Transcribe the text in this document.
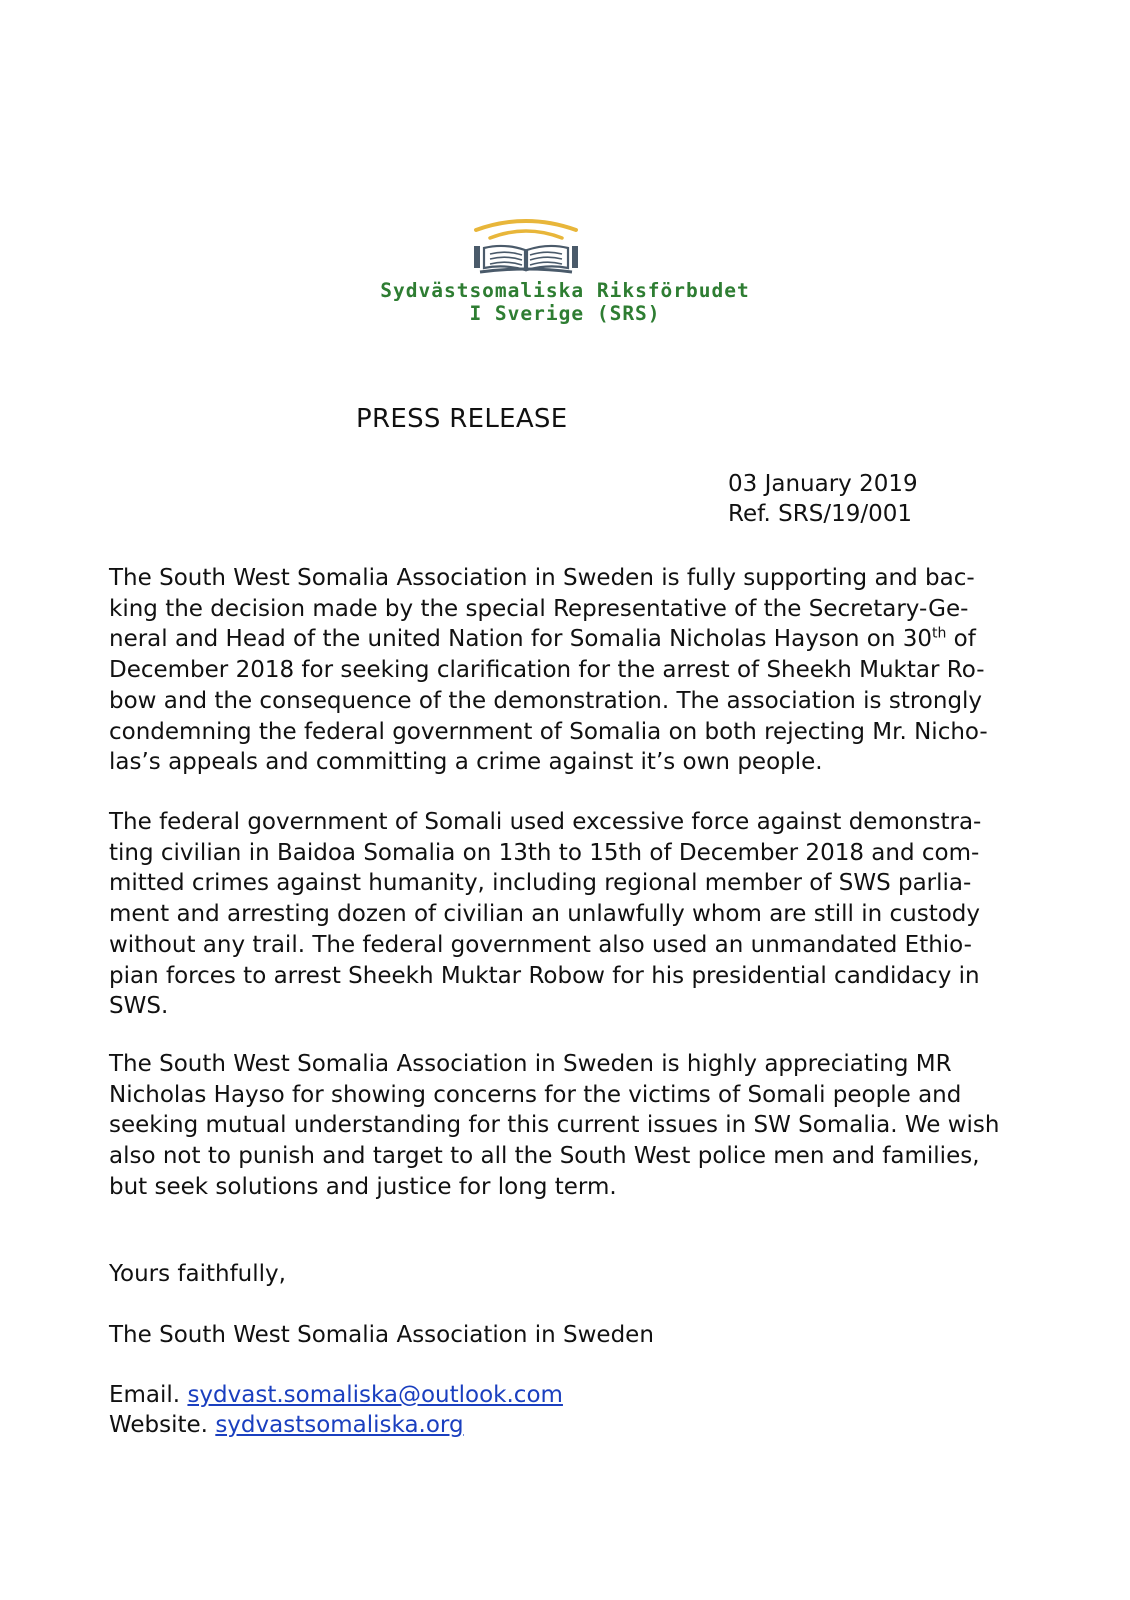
Sydvästsomaliska Riksförbudet
I Sverige (SRS)
PRESS RELEASE
03 January 2019
Ref. SRS/19/001
The South West Somalia Association in Sweden is fully supporting and bac-
king the decision made by the special Representative of the Secretary-Ge-
neral and Head of the united Nation for Somalia Nicholas Hayson on 30th of
December 2018 for seeking clarification for the arrest of Sheekh Muktar Ro-
bow and the consequence of the demonstration. The association is strongly
condemning the federal government of Somalia on both rejecting Mr. Nicho-
las’s appeals and committing a crime against it’s own people.
The federal government of Somali used excessive force against demonstra-
ting civilian in Baidoa Somalia on 13th to 15th of December 2018 and com-
mitted crimes against humanity, including regional member of SWS parlia-
ment and arresting dozen of civilian an unlawfully whom are still in custody
without any trail. The federal government also used an unmandated Ethio-
pian forces to arrest Sheekh Muktar Robow for his presidential candidacy in
SWS.
The South West Somalia Association in Sweden is highly appreciating MR
Nicholas Hayso for showing concerns for the victims of Somali people and
seeking mutual understanding for this current issues in SW Somalia. We wish
also not to punish and target to all the South West police men and families,
but seek solutions and justice for long term.
Yours faithfully,
The South West Somalia Association in Sweden
Email. sydvast.somaliska@outlook.com
Website. sydvastsomaliska.org
